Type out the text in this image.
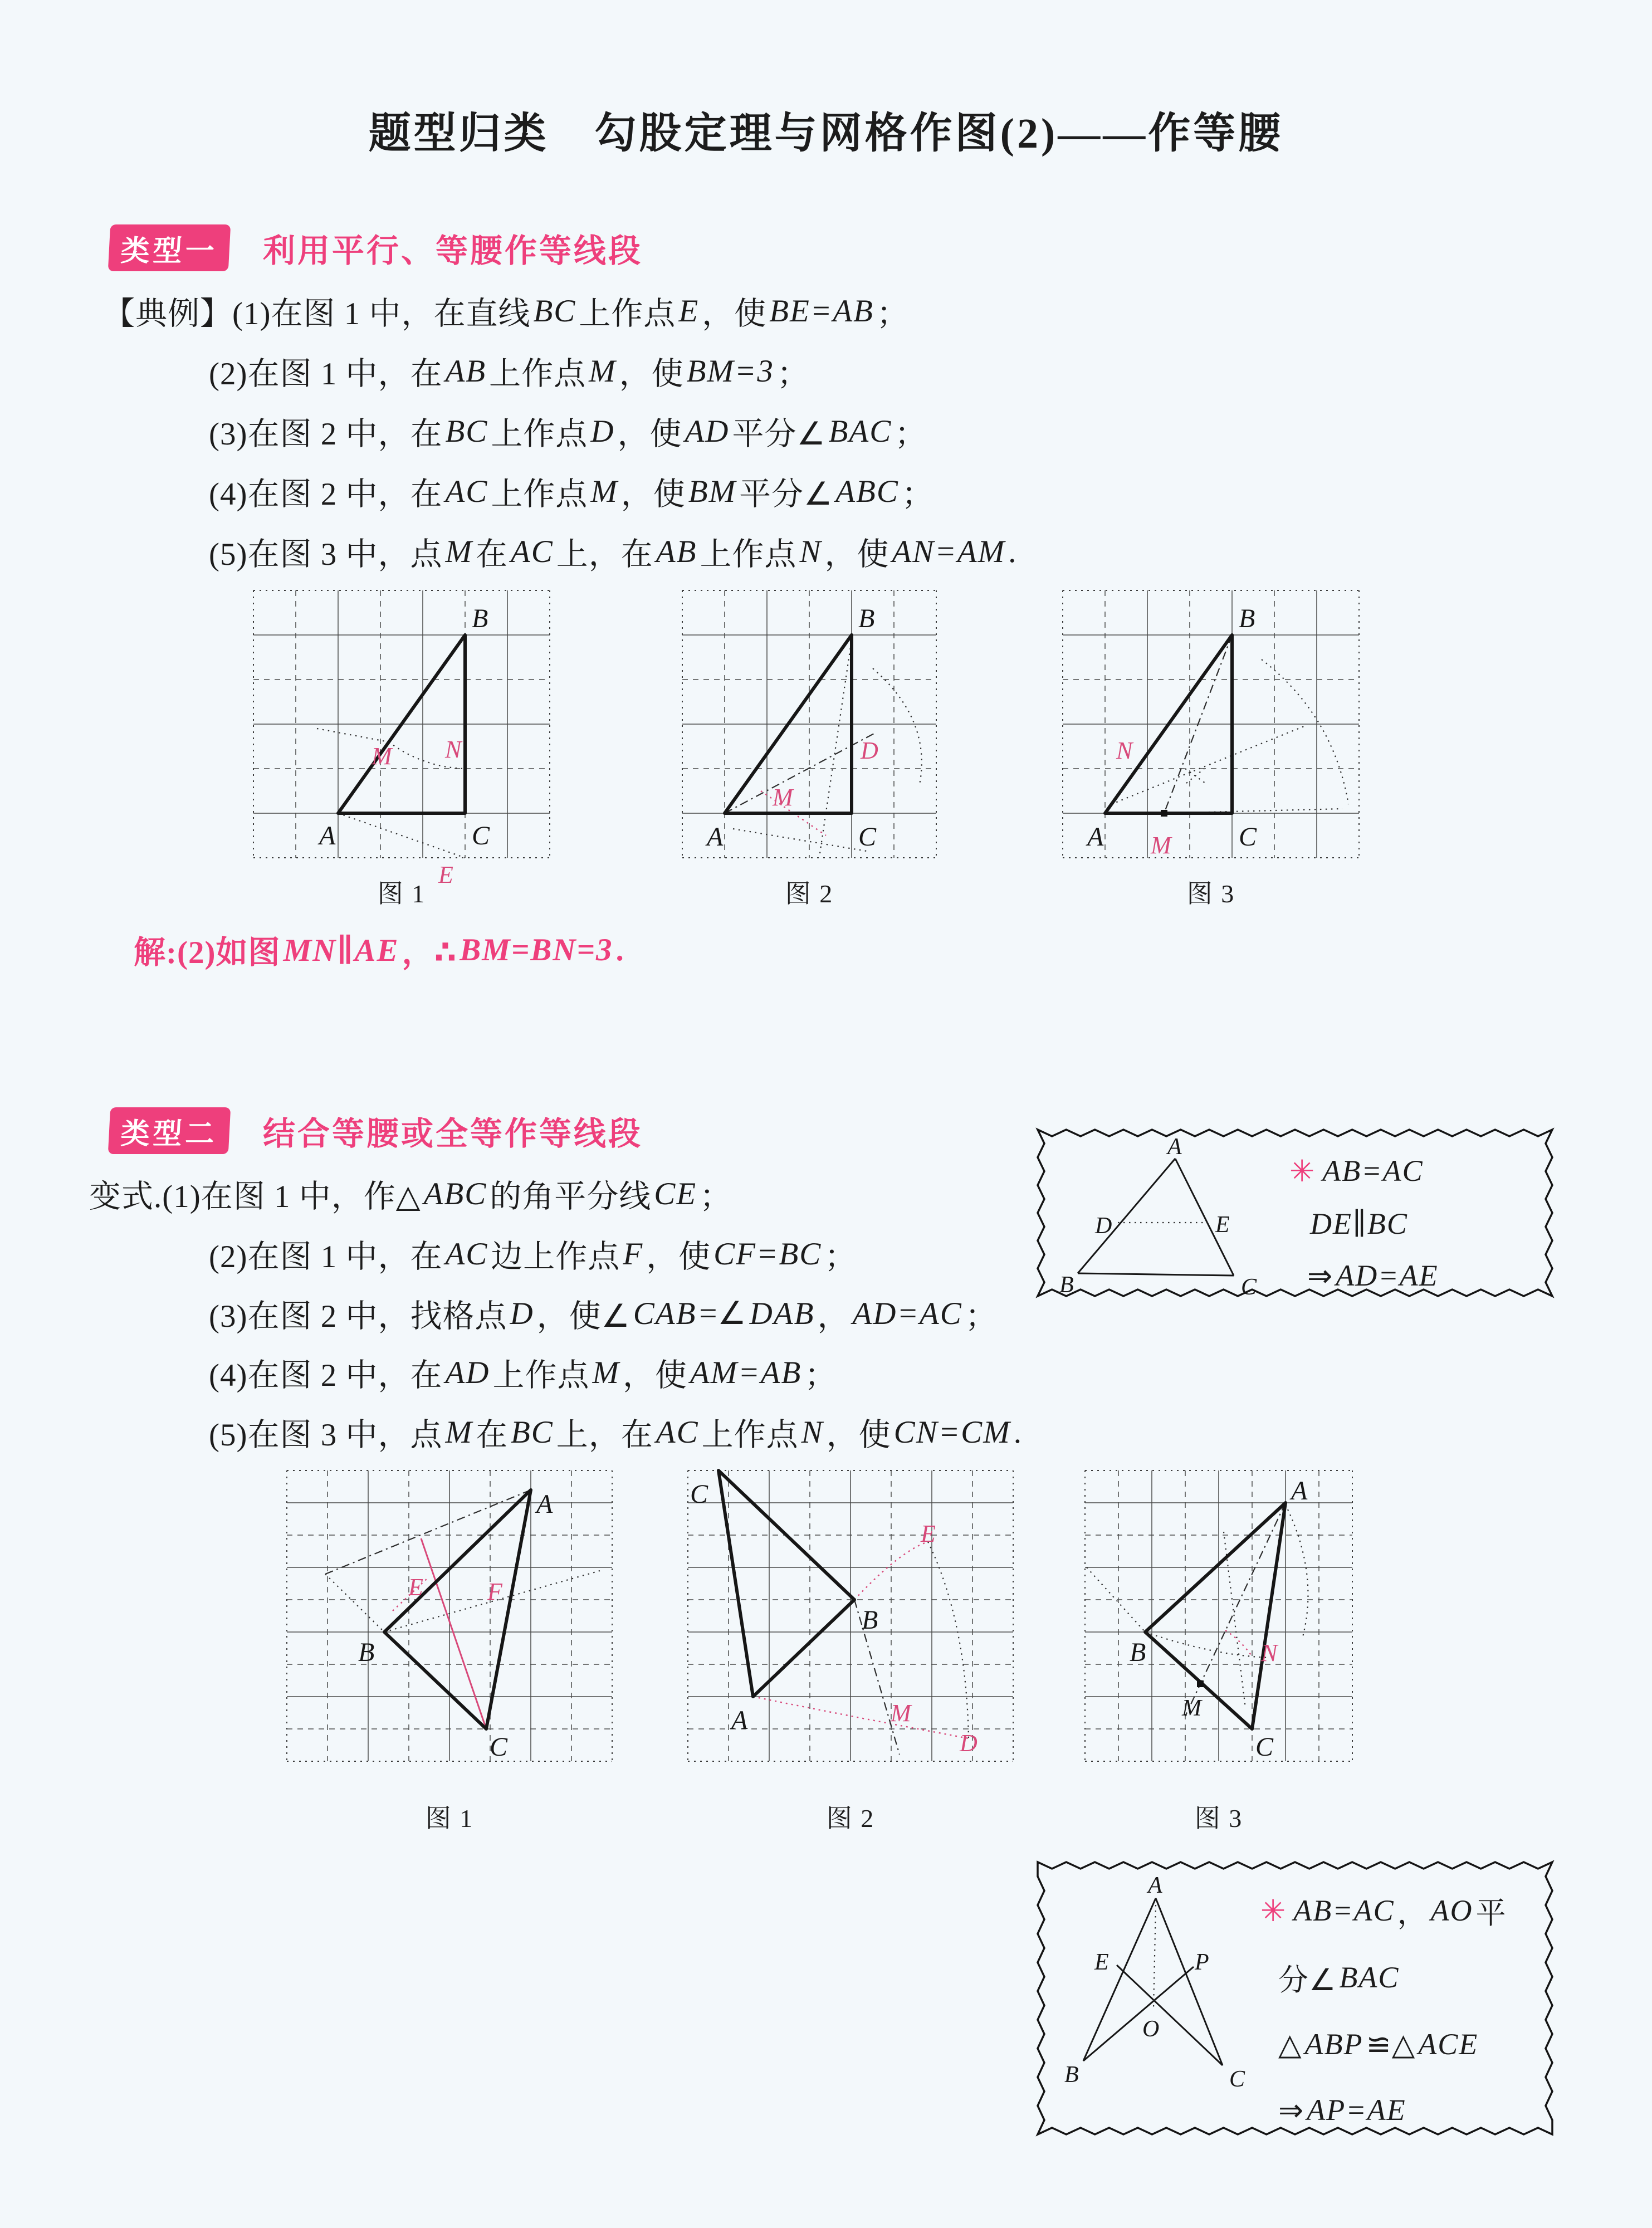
题型归类　勾股定理与网格作图(2)——作等腰
类型一	利用平行、等腰作等线段
【典例】(1)在图 1 中，在直线 BC 上作点 E ，使 BE=AB ；
(2)在图 1 中，在 AB 上作点 M ，使 BM=3 ；
(3)在图 2 中，在 BC 上作点 D ，使 AD 平分∠ BAC ；
(4)在图 2 中，在 AC 上作点 M ，使 BM 平分∠ ABC ；
(5)在图 3 中，点 M 在 AC 上，在 AB 上作点 N ，使 AN=AM .
A
B
C
M N
E
A
B
C
D
M
A
B
C
M
N
图 1	图 2	图 3
解:(2)如图 MN∥AE ，∴ BM=BN=3 .
类型二	结合等腰或全等作等线段
变式.(1)在图 1 中，作△ ABC 的角平分线 CE ；
(2)在图 1 中，在 AC 边上作点 F ，使 CF=BC ；
(3)在图 2 中，找格点 D ，使∠ CAB =∠ DAB ， AD=AC ；
(4)在图 2 中，在 AD 上作点 M ，使 AM=AB ；
(5)在图 3 中，点 M 在 BC 上，在 AC 上作点 N ，使 CN=CM .
A
D	E
B	C
✳ AB=AC
DE∥BC
⇒ AD=AE
A
B
C
E	F
C
A
B
E
M
D
A
B
C
M
N
图 1	图 2	图 3
A
E	P
O
B	C
✳ AB=AC ， AO 平
分∠ BAC
△ ABP ≌△ ACE
⇒ AP=AE
